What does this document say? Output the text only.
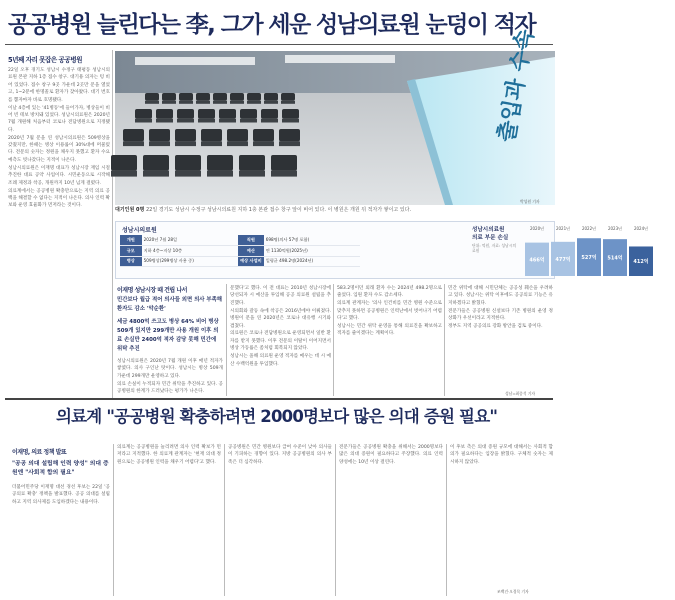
공공병원 늘린다는 李, 그가 세운 성남의료원 눈덩이 적자
5년째 자리 못잡은 공공병원

22일 오후 경기도 성남시 수정구 태평동 성남시의료원 본관 지하 1층 접수 창구. 대기용 의자는 텅 비어 있었다. 접수 창구 9곳 가운데 2곳만 문을 열었고, 1~2분에 한명꼴로 환자가 찾아왔다. 대기 번호를 뽑자마자 바로 호명됐다.

이날 4층에 있는 '41병동'에 들어가자, 병상들이 비어 빈 테보 방치돼 있었다. 성남시의료원은 2020년 7월 개원해 처음부터 코로나 전담병원으로 지정됐다.

2020년 7월 문을 연 성남시의료원은 509병상을 갖췄지만, 한때는 병상 이용률이 30%대에 머물렀다. 전문의 숫자는 정원을 채우지 못했고 환자 수요 예측도 빗나갔다는 지적이 나온다.

성남시의료원은 이재명 대표가 성남시장 재임 시절 추진한 대표 공약 사업이다. 시민운동으로 시작해 조례 제정과 착공, 개원까지 10년 넘게 걸렸다.

의료계에서는 공공병원 확충만으로는 지역 의료 공백을 해결할 수 없다는 지적이 나온다. 의사 인력 확보와 운영 효율화가 먼저라는 것이다.

출입과 수속
박성원 기자
대기인원 0명 22일 경기도 성남시 수정구 성남시의료원 지하 1층 본관 접수 창구 앞이 비어 있다. 이 병원은 개원 뒤 적자가 쌓이고 있다.
성남시의료원
개원	2020년 7월 28일	직원	698명(의사 57명 포함)
규모	지하 4층~지상 10층	예산	연 1130억원(2025년)
병상	509병상(299병상 사용 중)	예상 사업비	일평균 498.2명(2024년)
성남시의료원
의료 부문 손실
단위: 억원, 자료: 성남시의료원
2020년
466억
2021년
477억
2022년
527억
2023년
514억
2024년
412억
이재명 성남시장 때 건립 나서
민간보다 월급 적어 의사들 외면 의사 부족해 환자도 감소 '악순환'
세금 4800억 쓰고도 병상 64% 비어 병상 509개 있지만 299개만 사용 개원 이후 의료 손실만 2400억 적자 감당 못해 민간에 위탁 추진

성남시의료원은 2020년 7월 개원 이후 매년 적자가 쌓였다. 의사 구인난 탓이다. 성남시는 병상 509개 가운데 299개만 운영하고 있다.

의료 손실이 누적되자 민간 위탁을 추진하고 있다. 공공병원의 한계가 드러났다는 평가가 나온다.

문했다'고 했다. 이 전 대표는 2010년 성남시장에 당선되자 시 예산을 투입해 공공 의료원 설립을 추진했다.

시의회와 갈등 속에 착공은 2016년에야 이뤄졌다. 병원이 문을 연 2020년은 코로나 대유행 시기와 겹쳤다.

의료원은 코로나 전담병원으로 운영되면서 일반 환자를 받지 못했다. 이후 전문의 이탈이 이어지면서 병상 가동률은 좀처럼 회복되지 않았다.

성남시는 올해 의료원 운영 적자를 메우는 데 시 예산 수백억원을 투입했다.

583.2명이던 외래 환자 수는 2024년 498.2명으로 줄었다. 입원 환자 수도 감소세다.

의료계 관계자는 '의사 인건비를 민간 병원 수준으로 맞추지 못하면 공공병원은 인력난에서 벗어나기 어렵다'고 했다.

성남시는 민간 위탁 운영을 통해 의료진을 확보하고 적자를 줄이겠다는 계획이다.

민간 위탁에 대해 시민단체는 공공성 훼손을 우려하고 있다. 성남시는 위탁 이후에도 공공의료 기능은 유지하겠다고 밝혔다.

전문가들은 공공병원 신설보다 기존 병원의 운영 정상화가 우선이라고 지적한다.

정부도 지역 공공의료 강화 방안을 검토 중이다.

성남=최종석 기자
의료계 "공공병원 확충하려면 2000명보다 많은 의대 증원 필요"
이재명, 의료 정책 발표
"공공 의대 설립해 인력 양성" 의대 증원엔 "사회적 합의 필요"
더불어민주당 이재명 대선 경선 후보는 22일 '공공의료 확충' 정책을 발표했다. 공공 의대를 설립하고 지역 의사제를 도입하겠다는 내용이다.
의료계는 공공병원을 늘리려면 의사 인력 확보가 먼저라고 지적했다. 한 의료계 관계자는 '현재 의대 정원으로는 공공병원 인력을 채우기 어렵다'고 했다.
공공병원은 민간 병원보다 급여 수준이 낮아 의사들이 기피하는 경향이 있다. 지방 공공병원의 의사 부족은 더 심각하다.
전문가들은 공공병원 확충을 위해서는 2000명보다 많은 의대 증원이 필요하다고 주장했다. 의료 인력 양성에는 10년 이상 걸린다.
이 후보 측은 의대 증원 규모에 대해서는 사회적 합의가 필요하다는 입장을 밝혔다. 구체적 숫자는 제시하지 않았다.
조백건·오경묵 기자
